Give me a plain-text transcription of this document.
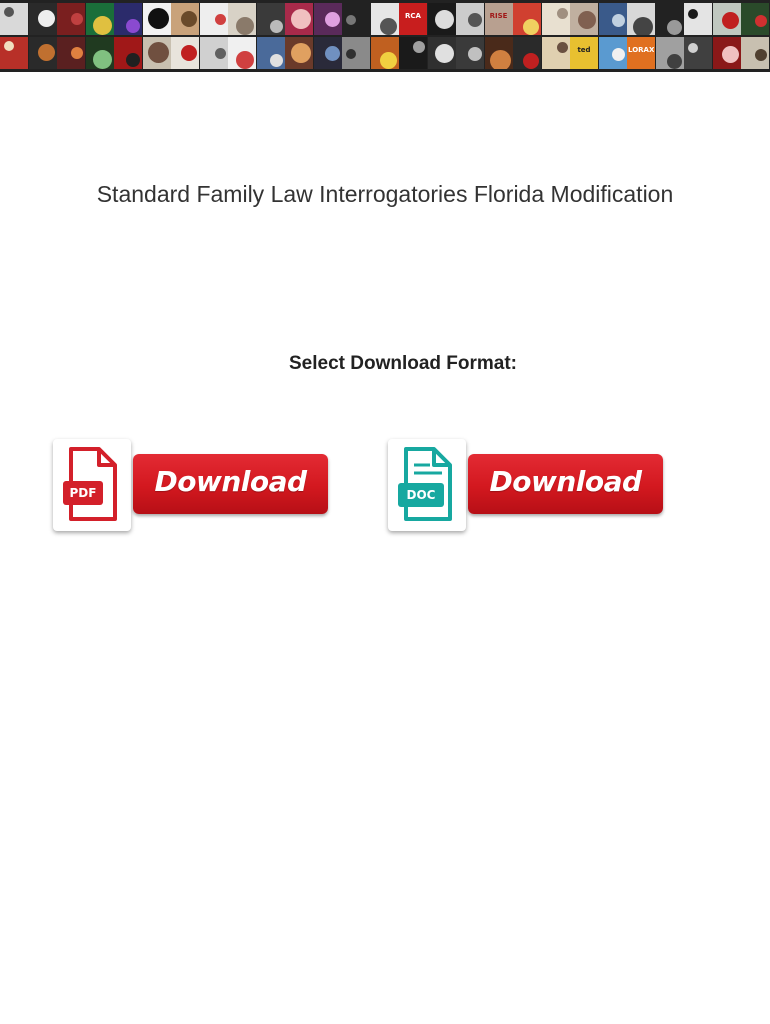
RCA	RISE
ted	LORAX
Standard Family Law Interrogatories Florida Modification
Select Download Format:
PDF	Download	DOC	Download
